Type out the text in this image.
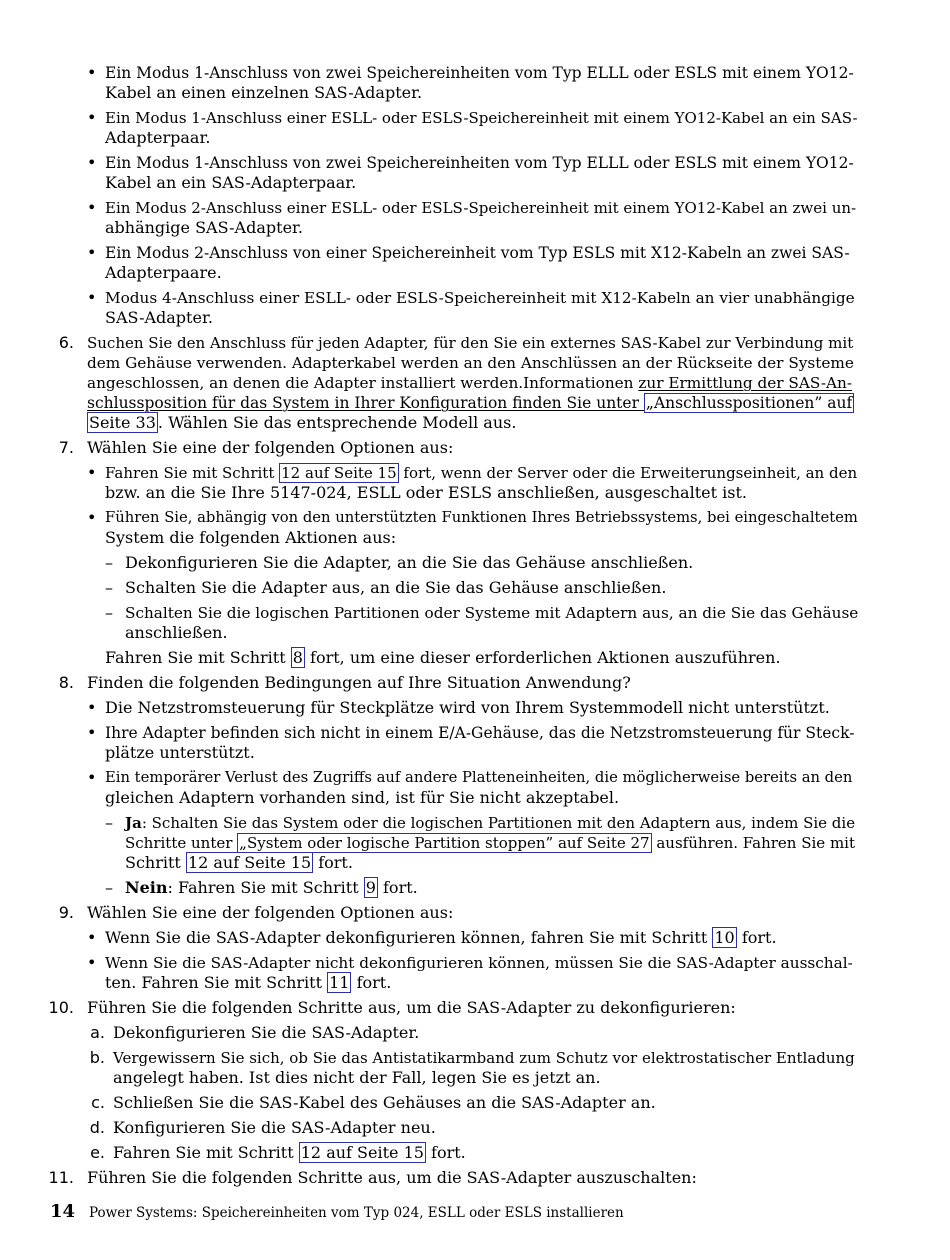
• Ein Modus 1-Anschluss von zwei Speichereinheiten vom Typ ELLL oder ESLS mit einem YO12-
Kabel an einen einzelnen SAS-Adapter.
• Ein Modus 1-Anschluss einer ESLL- oder ESLS-Speichereinheit mit einem YO12-Kabel an ein SAS-
Adapterpaar.
• Ein Modus 1-Anschluss von zwei Speichereinheiten vom Typ ELLL oder ESLS mit einem YO12-
Kabel an ein SAS-Adapterpaar.
• Ein Modus 2-Anschluss einer ESLL- oder ESLS-Speichereinheit mit einem YO12-Kabel an zwei un-
abhängige SAS-Adapter.
• Ein Modus 2-Anschluss von einer Speichereinheit vom Typ ESLS mit X12-Kabeln an zwei SAS-
Adapterpaare.
• Modus 4-Anschluss einer ESLL- oder ESLS-Speichereinheit mit X12-Kabeln an vier unabhängige
SAS-Adapter.
6. Suchen Sie den Anschluss für jeden Adapter, für den Sie ein externes SAS-Kabel zur Verbindung mit
dem Gehäuse verwenden. Adapterkabel werden an den Anschlüssen an der Rückseite der Systeme
angeschlossen, an denen die Adapter installiert werden.Informationen zur Ermittlung der SAS-An-
schlussposition für das System in Ihrer Konfiguration finden Sie unter „Anschlusspositionen” auf
Seite 33 . Wählen Sie das entsprechende Modell aus.
7. Wählen Sie eine der folgenden Optionen aus:
• Fahren Sie mit Schritt 12 auf Seite 15 fort, wenn der Server oder die Erweiterungseinheit, an den
bzw. an die Sie Ihre 5147-024, ESLL oder ESLS anschließen, ausgeschaltet ist.
• Führen Sie, abhängig von den unterstützten Funktionen Ihres Betriebssystems, bei eingeschaltetem
System die folgenden Aktionen aus:
– Dekonfigurieren Sie die Adapter, an die Sie das Gehäuse anschließen.
– Schalten Sie die Adapter aus, an die Sie das Gehäuse anschließen.
– Schalten Sie die logischen Partitionen oder Systeme mit Adaptern aus, an die Sie das Gehäuse
anschließen.
Fahren Sie mit Schritt 8 fort, um eine dieser erforderlichen Aktionen auszuführen.
8. Finden die folgenden Bedingungen auf Ihre Situation Anwendung?
• Die Netzstromsteuerung für Steckplätze wird von Ihrem Systemmodell nicht unterstützt.
• Ihre Adapter befinden sich nicht in einem E/A-Gehäuse, das die Netzstromsteuerung für Steck-
plätze unterstützt.
• Ein temporärer Verlust des Zugriffs auf andere Platteneinheiten, die möglicherweise bereits an den
gleichen Adaptern vorhanden sind, ist für Sie nicht akzeptabel.
– Ja: Schalten Sie das System oder die logischen Partitionen mit den Adaptern aus, indem Sie die
Schritte unter „System oder logische Partition stoppen” auf Seite 27 ausführen. Fahren Sie mit
Schritt 12 auf Seite 15 fort.
– Nein: Fahren Sie mit Schritt 9 fort.
9. Wählen Sie eine der folgenden Optionen aus:
• Wenn Sie die SAS-Adapter dekonfigurieren können, fahren Sie mit Schritt 10 fort.
• Wenn Sie die SAS-Adapter nicht dekonfigurieren können, müssen Sie die SAS-Adapter ausschal-
ten. Fahren Sie mit Schritt 11 fort.
10. Führen Sie die folgenden Schritte aus, um die SAS-Adapter zu dekonfigurieren:
a. Dekonfigurieren Sie die SAS-Adapter.
b. Vergewissern Sie sich, ob Sie das Antistatikarmband zum Schutz vor elektrostatischer Entladung
angelegt haben. Ist dies nicht der Fall, legen Sie es jetzt an.
c. Schließen Sie die SAS-Kabel des Gehäuses an die SAS-Adapter an.
d. Konfigurieren Sie die SAS-Adapter neu.
e. Fahren Sie mit Schritt 12 auf Seite 15 fort.
11. Führen Sie die folgenden Schritte aus, um die SAS-Adapter auszuschalten:
14 Power Systems: Speichereinheiten vom Typ 024, ESLL oder ESLS installieren
